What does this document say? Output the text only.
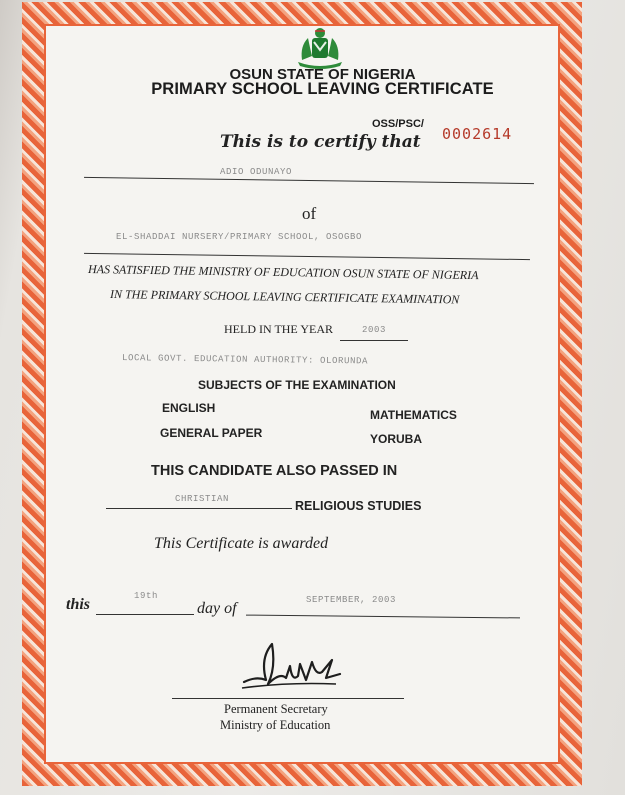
OSUN STATE OF NIGERIA
PRIMARY SCHOOL LEAVING CERTIFICATE
OSS/PSC/
0002614
This is to certify that
ADIO ODUNAYO
of
EL-SHADDAI NURSERY/PRIMARY SCHOOL, OSOGBO
HAS SATISFIED THE MINISTRY OF EDUCATION OSUN STATE OF NIGERIA
IN THE PRIMARY SCHOOL LEAVING CERTIFICATE EXAMINATION
HELD IN THE YEAR	2003
LOCAL GOVT. EDUCATION AUTHORITY: OLORUNDA
SUBJECTS OF THE EXAMINATION
ENGLISH	MATHEMATICS
GENERAL PAPER	YORUBA
THIS CANDIDATE ALSO PASSED IN
CHRISTIAN	RELIGIOUS STUDIES
This Certificate is awarded
this	19th
day of	SEPTEMBER, 2003
Permanent Secretary
Ministry of Education
